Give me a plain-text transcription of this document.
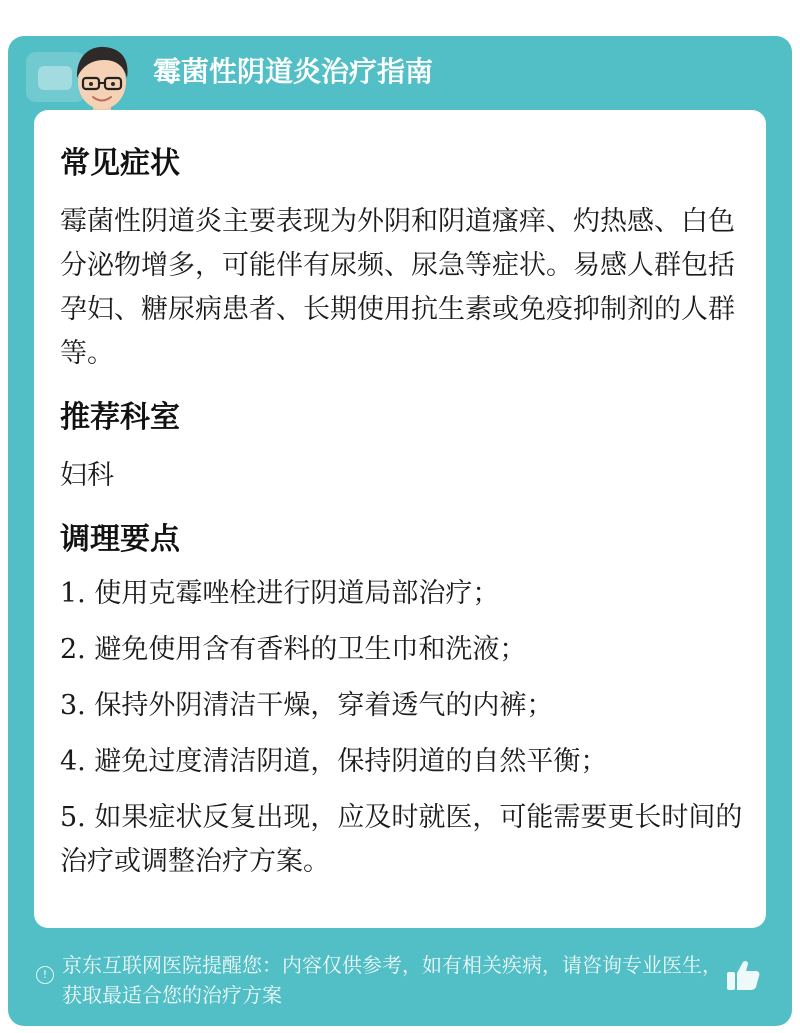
霉菌性阴道炎治疗指南
常见症状
霉菌性阴道炎主要表现为外阴和阴道瘙痒、灼热感、白色分泌物增多，可能伴有尿频、尿急等症状。易感人群包括孕妇、糖尿病患者、长期使用抗生素或免疫抑制剂的人群等。
推荐科室
妇科
调理要点
1. 使用克霉唑栓进行阴道局部治疗；
2. 避免使用含有香料的卫生巾和洗液；
3. 保持外阴清洁干燥，穿着透气的内裤；
4. 避免过度清洁阴道，保持阴道的自然平衡；
5. 如果症状反复出现，应及时就医，可能需要更长时间的治疗或调整治疗方案。
! 京东互联网医院提醒您：内容仅供参考，如有相关疾病，请咨询专业医生，获取最适合您的治疗方案
